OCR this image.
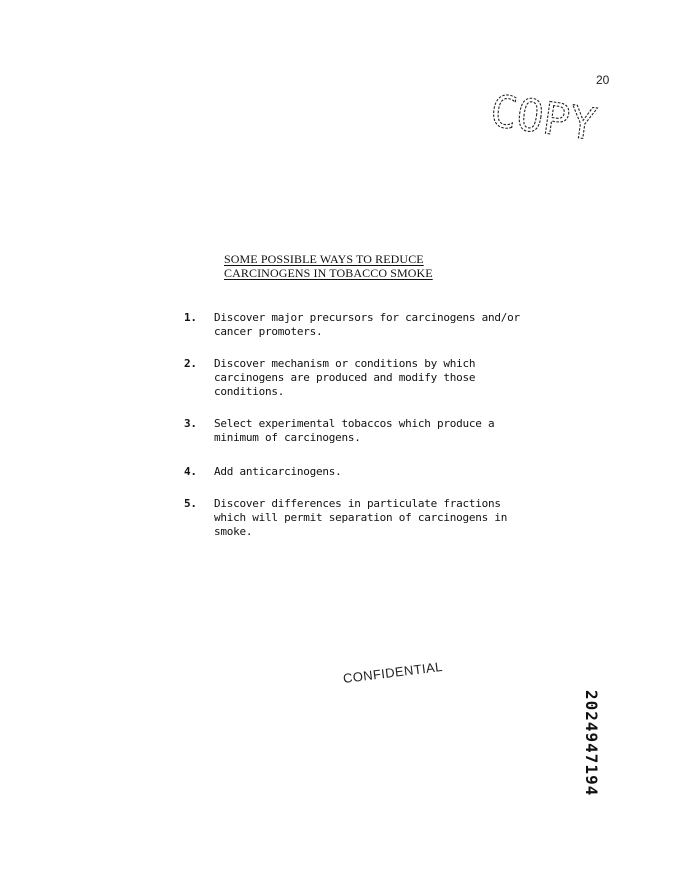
20
COPY
SOME POSSIBLE WAYS TO REDUCE
CARCINOGENS IN TOBACCO SMOKE
1. Discover major precursors for carcinogens and/or cancer promoters.
2. Discover mechanism or conditions by which carcinogens are produced and modify those conditions.
3. Select experimental tobaccos which produce a minimum of carcinogens.
4. Add anticarcinogens.
5. Discover differences in particulate fractions which will permit separation of carcinogens in smoke.
CONFIDENTIAL
2024947194
